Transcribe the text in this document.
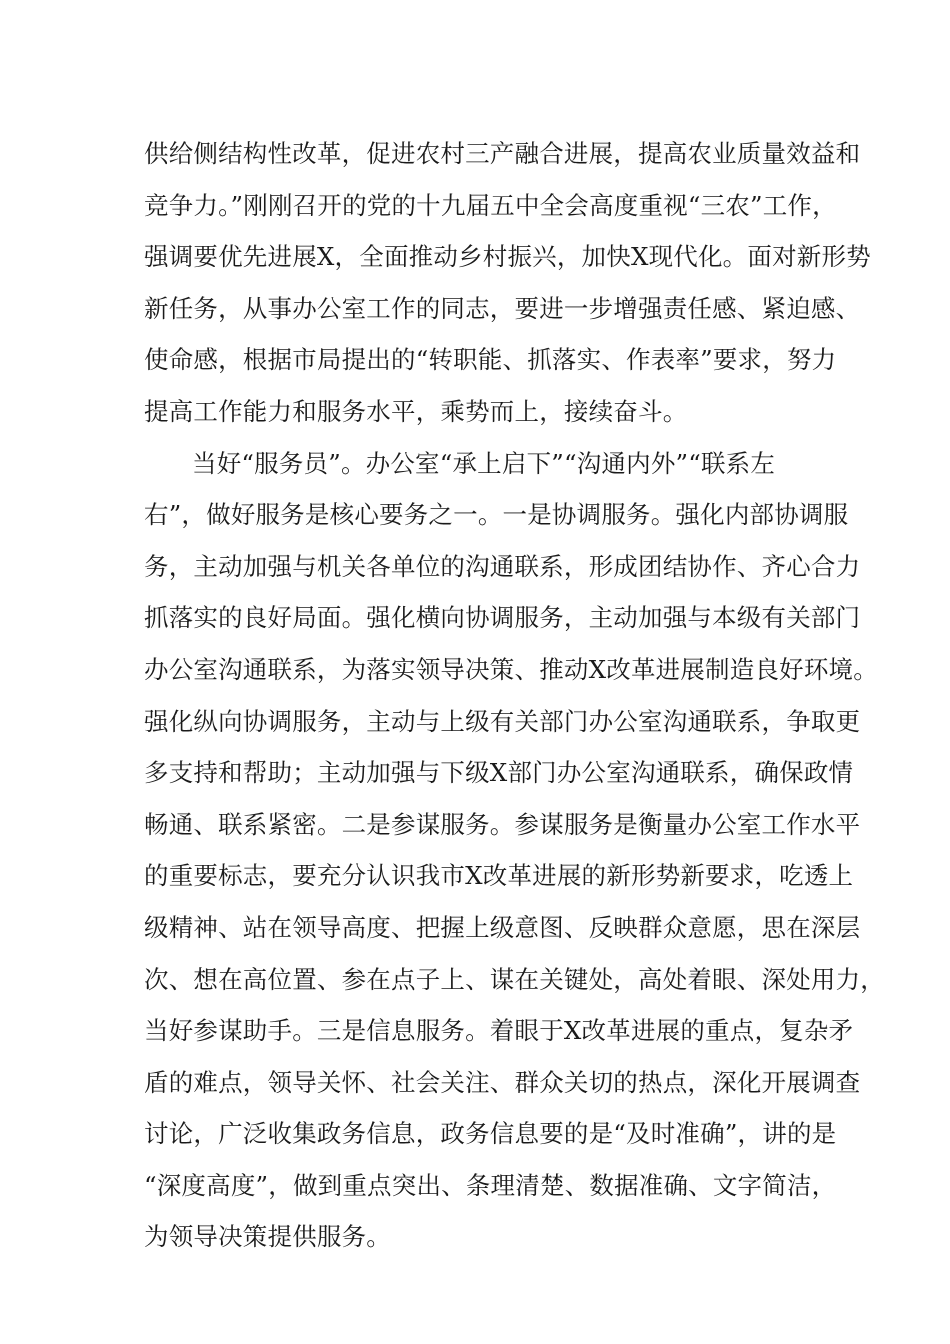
供给侧结构性改革，促进农村三产融合进展，提高农业质量效益和
竞争力。”刚刚召开的党的十九届五中全会高度重视“三农”工作，
强调要优先进展X，全面推动乡村振兴，加快X现代化。面对新形势
新任务，从事办公室工作的同志，要进一步增强责任感、紧迫感、
使命感，根据市局提出的“转职能、抓落实、作表率”要求，努力
提高工作能力和服务水平，乘势而上，接续奋斗。
当好“服务员”。办公室“承上启下”“沟通内外”“联系左
右”，做好服务是核心要务之一。一是协调服务。强化内部协调服
务，主动加强与机关各单位的沟通联系，形成团结协作、齐心合力
抓落实的良好局面。强化横向协调服务，主动加强与本级有关部门
办公室沟通联系，为落实领导决策、推动X改革进展制造良好环境。
强化纵向协调服务，主动与上级有关部门办公室沟通联系，争取更
多支持和帮助；主动加强与下级X部门办公室沟通联系，确保政情
畅通、联系紧密。二是参谋服务。参谋服务是衡量办公室工作水平
的重要标志，要充分认识我市X改革进展的新形势新要求，吃透上
级精神、站在领导高度、把握上级意图、反映群众意愿，思在深层
次、想在高位置、参在点子上、谋在关键处，高处着眼、深处用力，
当好参谋助手。三是信息服务。着眼于X改革进展的重点，复杂矛
盾的难点，领导关怀、社会关注、群众关切的热点，深化开展调查
讨论，广泛收集政务信息，政务信息要的是“及时准确”，讲的是
“深度高度”，做到重点突出、条理清楚、数据准确、文字简洁，
为领导决策提供服务。
